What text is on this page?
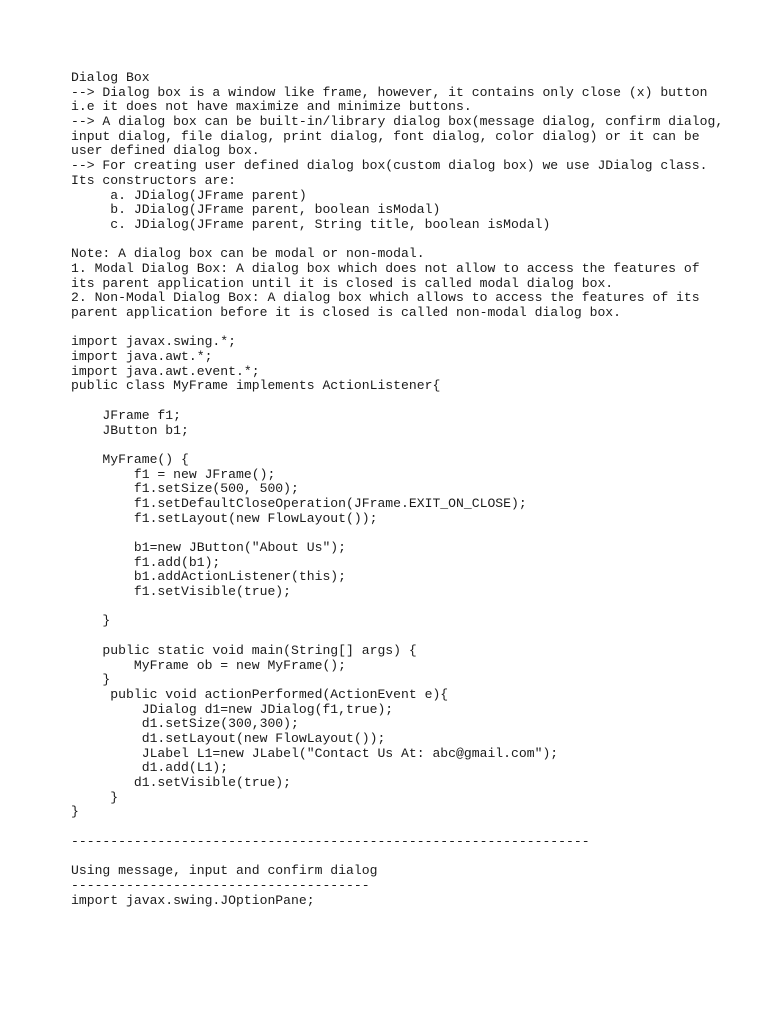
Dialog Box
--> Dialog box is a window like frame, however, it contains only close (x) button
i.e it does not have maximize and minimize buttons.
--> A dialog box can be built-in/library dialog box(message dialog, confirm dialog,
input dialog, file dialog, print dialog, font dialog, color dialog) or it can be
user defined dialog box.
--> For creating user defined dialog box(custom dialog box) we use JDialog class.
Its constructors are:
a. JDialog(JFrame parent)
b. JDialog(JFrame parent, boolean isModal)
c. JDialog(JFrame parent, String title, boolean isModal)
Note: A dialog box can be modal or non-modal.
1. Modal Dialog Box: A dialog box which does not allow to access the features of
its parent application until it is closed is called modal dialog box.
2. Non-Modal Dialog Box: A dialog box which allows to access the features of its
parent application before it is closed is called non-modal dialog box.
import javax.swing.*;
import java.awt.*;
import java.awt.event.*;
public class MyFrame implements ActionListener{
JFrame f1;
JButton b1;
MyFrame() {
f1 = new JFrame();
f1.setSize(500, 500);
f1.setDefaultCloseOperation(JFrame.EXIT_ON_CLOSE);
f1.setLayout(new FlowLayout());
b1=new JButton("About Us");
f1.add(b1);
b1.addActionListener(this);
f1.setVisible(true);
}
public static void main(String[] args) {
MyFrame ob = new MyFrame();
}
public void actionPerformed(ActionEvent e){
JDialog d1=new JDialog(f1,true);
d1.setSize(300,300);
d1.setLayout(new FlowLayout());
JLabel L1=new JLabel("Contact Us At: abc@gmail.com");
d1.add(L1);
d1.setVisible(true);
}
}
------------------------------------------------------------------
Using message, input and confirm dialog
--------------------------------------
import javax.swing.JOptionPane;
